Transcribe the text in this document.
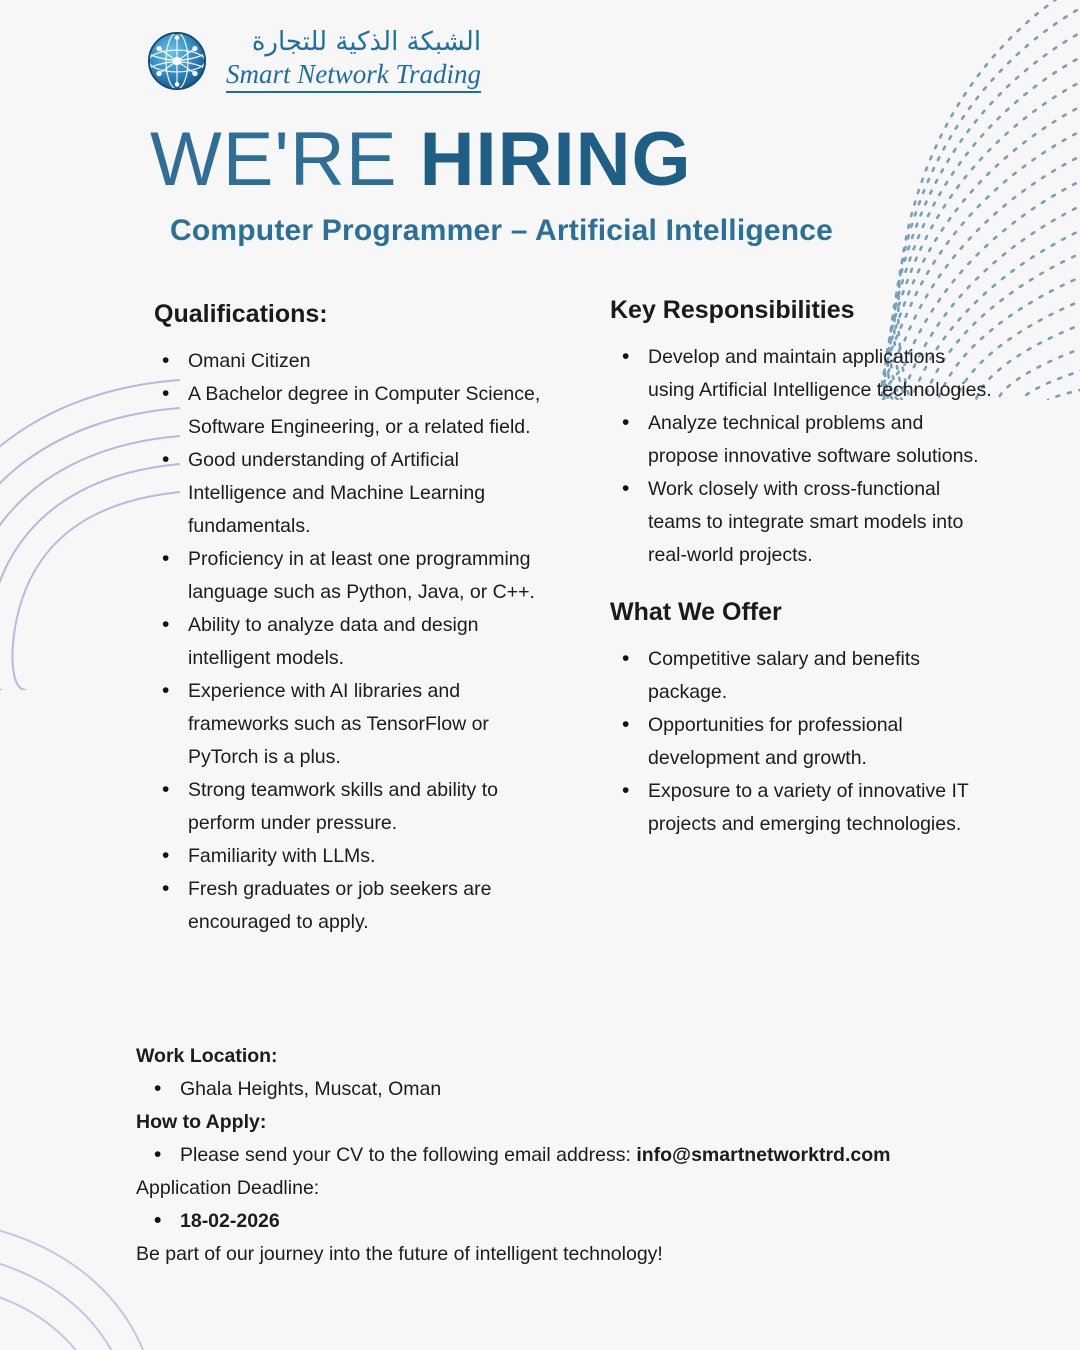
الشبكة الذكية للتجارة
Smart Network Trading
WE'RE HIRING
Computer Programmer – Artificial Intelligence
Qualifications:
• Omani Citizen
• A Bachelor degree in Computer Science, Software Engineering, or a related field.
• Good understanding of Artificial Intelligence and Machine Learning fundamentals.
• Proficiency in at least one programming language such as Python, Java, or C++.
• Ability to analyze data and design intelligent models.
• Experience with AI libraries and frameworks such as TensorFlow or PyTorch is a plus.
• Strong teamwork skills and ability to perform under pressure.
• Familiarity with LLMs.
• Fresh graduates or job seekers are encouraged to apply.
Key Responsibilities
• Develop and maintain applications using Artificial Intelligence technologies.
• Analyze technical problems and propose innovative software solutions.
• Work closely with cross-functional teams to integrate smart models into real-world projects.
What We Offer
• Competitive salary and benefits package.
• Opportunities for professional development and growth.
• Exposure to a variety of innovative IT projects and emerging technologies.
Work Location:
• Ghala Heights, Muscat, Oman
How to Apply:
• Please send your CV to the following email address: info@smartnetworktrd.com
Application Deadline:
• 18-02-2026
Be part of our journey into the future of intelligent technology!
